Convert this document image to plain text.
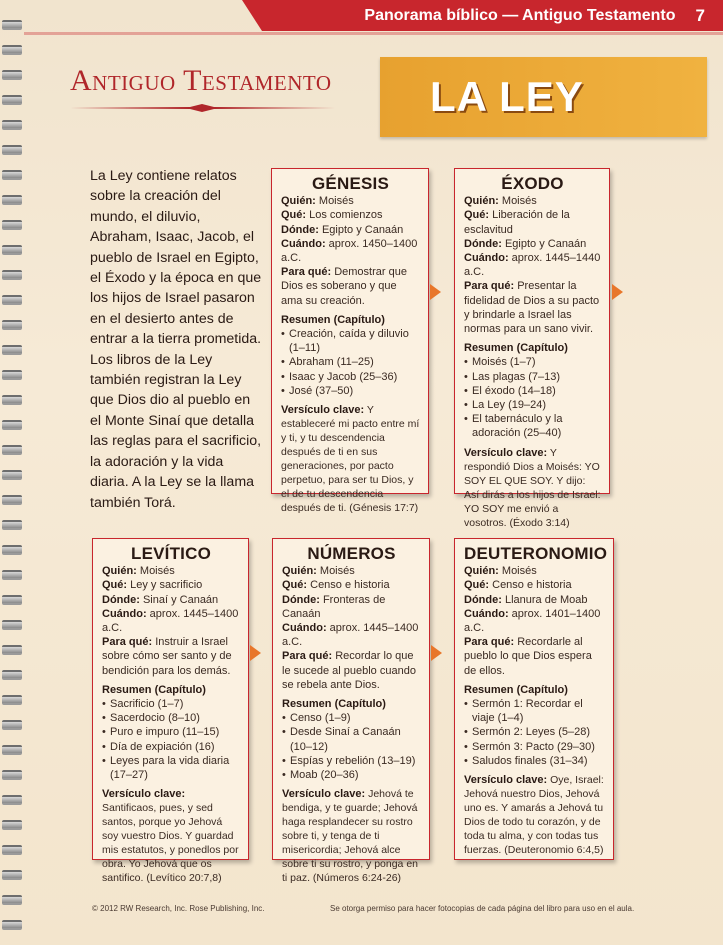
Panorama bíblico — Antiguo Testamento 7
Antiguo Testamento LA LEY
La Ley contiene relatos sobre la creación del mundo, el diluvio, Abraham, Isaac, Jacob, el pueblo de Israel en Egipto, el Éxodo y la época en que los hijos de Israel pasaron en el desierto antes de entrar a la tierra prometida. Los libros de la Ley también registran la Ley que Dios dio al pueblo en el Monte Sinaí que detalla las reglas para el sacrificio, la adoración y la vida diaria. A la Ley se la llama también Torá.
GÉNESIS
Quién: Moisés
Qué: Los comienzos
Dónde: Egipto y Canaán
Cuándo: aprox. 1450–1400 a.C.
Para qué: Demostrar que Dios es soberano y que ama su creación.
Resumen (Capítulo)
• Creación, caída y diluvio (1–11)
• Abraham (11–25)
• Isaac y Jacob (25–36)
• José (37–50)
Versículo clave: Y estableceré mi pacto entre mí y ti, y tu descendencia después de ti en sus generaciones, por pacto perpetuo, para ser tu Dios, y el de tu descendencia después de ti. (Génesis 17:7)
ÉXODO
Quién: Moisés
Qué: Liberación de la esclavitud
Dónde: Egipto y Canaán
Cuándo: aprox. 1445–1440 a.C.
Para qué: Presentar la fidelidad de Dios a su pacto y brindarle a Israel las normas para un sano vivir.
Resumen (Capítulo)
• Moisés (1–7)
• Las plagas (7–13)
• El éxodo (14–18)
• La Ley (19–24)
• El tabernáculo y la adoración (25–40)
Versículo clave: Y respondió Dios a Moisés: YO SOY EL QUE SOY. Y dijo: Así dirás a los hijos de Israel: YO SOY me envió a vosotros. (Éxodo 3:14)
LEVÍTICO
Quién: Moisés
Qué: Ley y sacrificio
Dónde: Sinaí y Canaán
Cuándo: aprox. 1445–1400 a.C.
Para qué: Instruir a Israel sobre cómo ser santo y de bendición para los demás.
Resumen (Capítulo)
• Sacrificio (1–7)
• Sacerdocio (8–10)
• Puro e impuro (11–15)
• Día de expiación (16)
• Leyes para la vida diaria (17–27)
Versículo clave: Santificaos, pues, y sed santos, porque yo Jehová soy vuestro Dios. Y guardad mis estatutos, y ponedlos por obra. Yo Jehová que os santifico. (Levítico 20:7,8)
NÚMEROS
Quién: Moisés
Qué: Censo e historia
Dónde: Fronteras de Canaán
Cuándo: aprox. 1445–1400 a.C.
Para qué: Recordar lo que le sucede al pueblo cuando se rebela ante Dios.
Resumen (Capítulo)
• Censo (1–9)
• Desde Sinaí a Canaán (10–12)
• Espías y rebelión (13–19)
• Moab (20–36)
Versículo clave: Jehová te bendiga, y te guarde; Jehová haga resplandecer su rostro sobre ti, y tenga de ti misericordia; Jehová alce sobre ti su rostro, y ponga en ti paz. (Números 6:24-26)
DEUTERONOMIO
Quién: Moisés
Qué: Censo e historia
Dónde: Llanura de Moab
Cuándo: aprox. 1401–1400 a.C.
Para qué: Recordarle al pueblo lo que Dios espera de ellos.
Resumen (Capítulo)
• Sermón 1: Recordar el viaje (1–4)
• Sermón 2: Leyes (5–28)
• Sermón 3: Pacto (29–30)
• Saludos finales (31–34)
Versículo clave: Oye, Israel: Jehová nuestro Dios, Jehová uno es. Y amarás a Jehová tu Dios de todo tu corazón, y de toda tu alma, y con todas tus fuerzas. (Deuteronomio 6:4,5)
© 2012 RW Research, Inc. Rose Publishing, Inc.	Se otorga permiso para hacer fotocopias de cada página del libro para uso en el aula.
